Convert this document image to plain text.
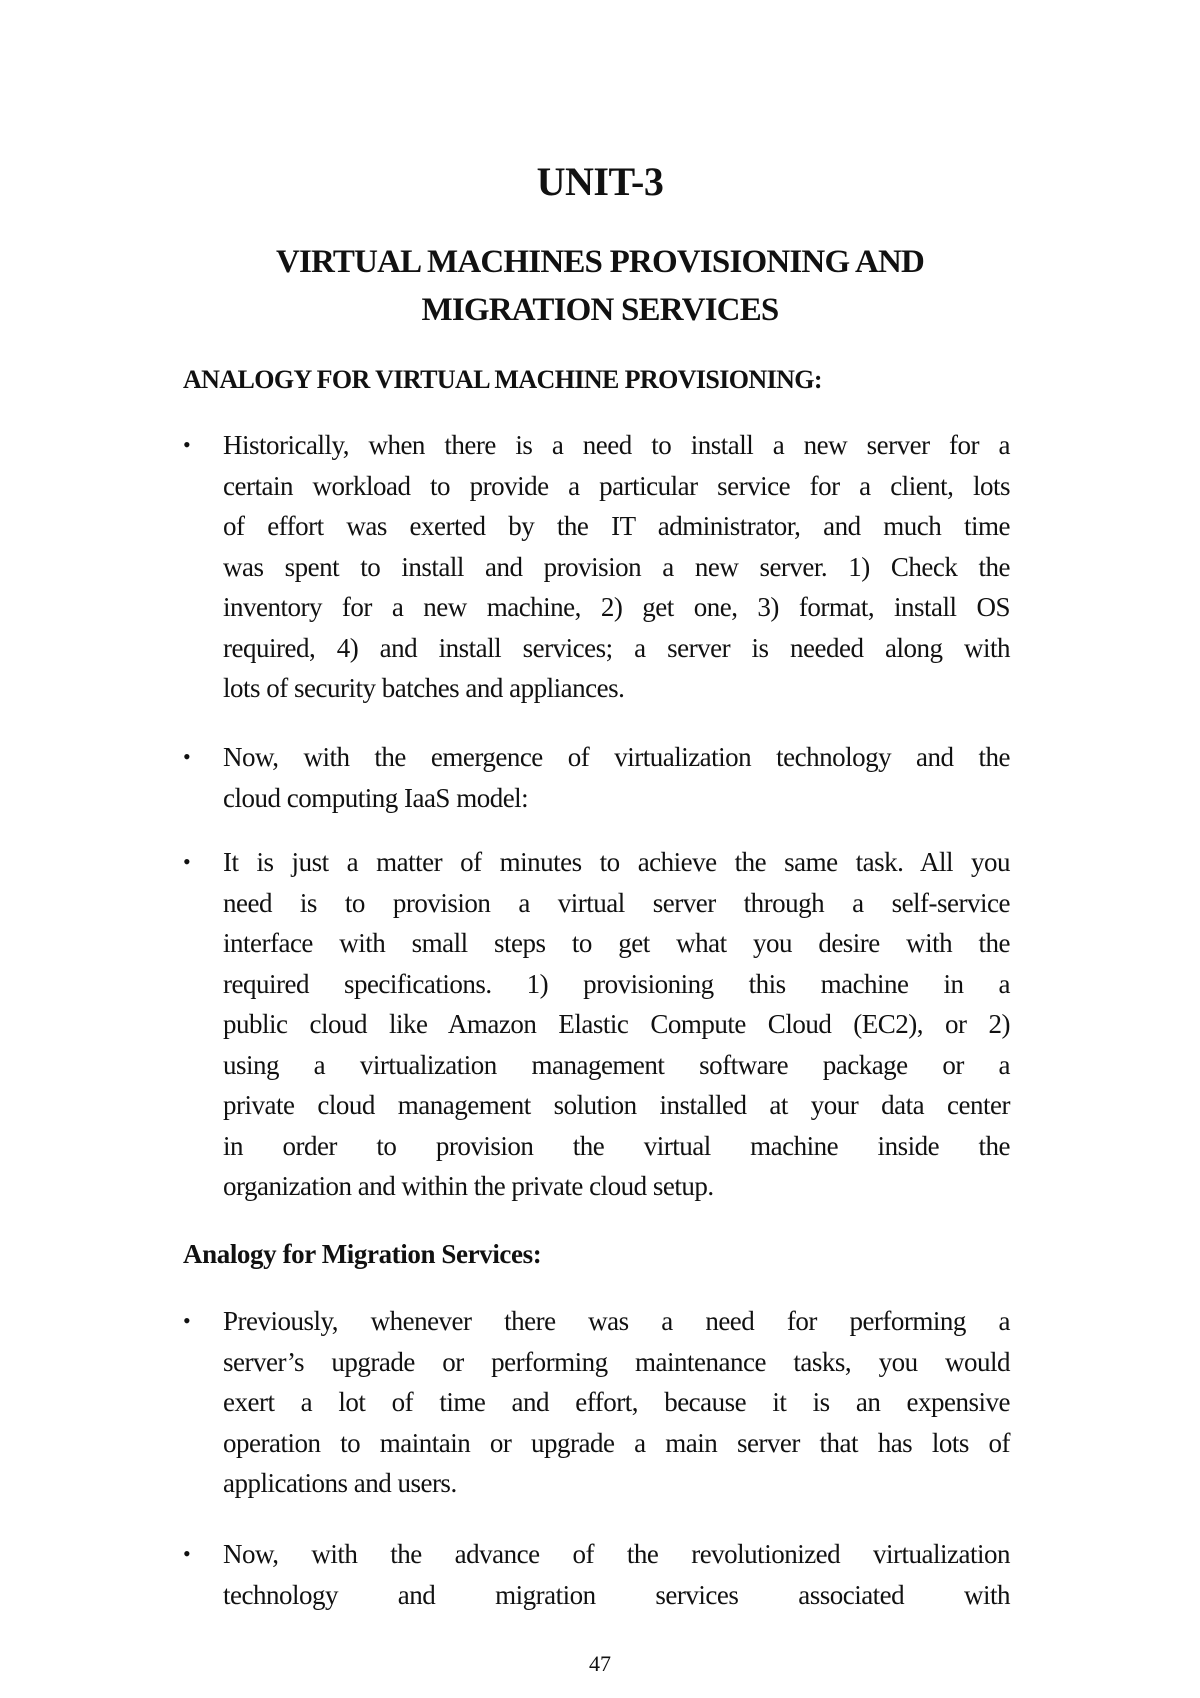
UNIT-3
VIRTUAL MACHINES PROVISIONING AND
MIGRATION SERVICES
ANALOGY FOR VIRTUAL MACHINE PROVISIONING:
•	Historically, when there is a need to install a new server for a
certain workload to provide a particular service for a client, lots
of effort was exerted by the IT administrator, and much time
was spent to install and provision a new server. 1) Check the
inventory for a new machine, 2) get one, 3) format, install OS
required, 4) and install services; a server is needed along with
lots of security batches and appliances.
•	Now, with the emergence of virtualization technology and the
cloud computing IaaS model:
•	It is just a matter of minutes to achieve the same task. All you
need is to provision a virtual server through a self-service
interface with small steps to get what you desire with the
required specifications. 1) provisioning this machine in a
public cloud like Amazon Elastic Compute Cloud (EC2), or 2)
using a virtualization management software package or a
private cloud management solution installed at your data center
in order to provision the virtual machine inside the
organization and within the private cloud setup.
Analogy for Migration Services:
•	Previously, whenever there was a need for performing a
server’s upgrade or performing maintenance tasks, you would
exert a lot of time and effort, because it is an expensive
operation to maintain or upgrade a main server that has lots of
applications and users.
•	Now, with the advance of the revolutionized virtualization
technology and migration services associated with
47
